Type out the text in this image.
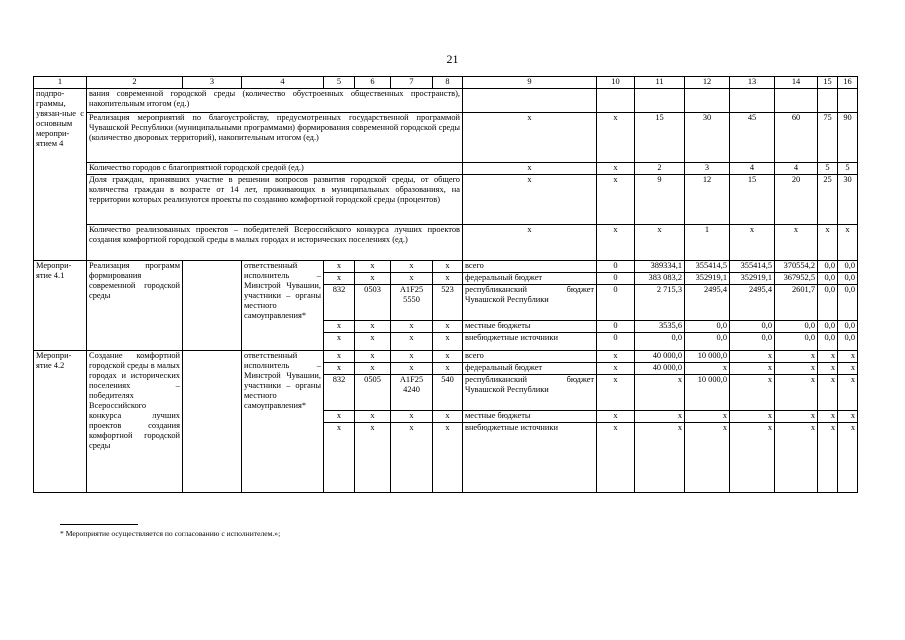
21
1	2	3	4	5	6	7	8	9	10	11	12	13	14	15	16
подпро-граммы, увязан-ные с основным меропри-ятием 4	вания современной городской среды (количество обустроенных общественных пространств), накопительным итогом (ед.)														
	Реализация мероприятий по благоустройству, предусмотренных государственной программой Чувашской Республики (муниципальными программами) формирования современной городской среды (количество дворовых территорий), накопительным итогом (ед.)							x	x	15	30	45	60	75	90
	Количество городов с благоприятной городской средой (ед.)							x	x	2	3	4	4	5	5
	Доля граждан, принявших участие в решении вопросов развития городской среды, от общего количества граждан в возрасте от 14 лет, проживающих в муниципальных образованиях, на территории которых реализуются проекты по созданию комфортной городской среды (процентов)							x	x	9	12	15	20	25	30
	Количество реализованных проектов – победителей Всероссийского конкурса лучших проектов создания комфортной городской среды в малых городах и исторических поселениях (ед.)							x	x	x	1	x	x	x	x
Меропри-ятие 4.1	Реализация программ формирования современной городской среды		ответственный исполнитель – Минстрой Чувашии, участники – органы местного самоуправления*	x	x	x	x	всего	0	389334,1	355414,5	355414,5	370554,2	0,0	0,0
				x	x	x	x	федеральный бюджет	0	383 083,2	352919,1	352919,1	367952,5	0,0	0,0
				832	0503	A1F25 5550	523	республиканский бюджет Чувашской Республики	0	2 715,3	2495,4	2495,4	2601,7	0,0	0,0
				x	x	x	x	местные бюджеты	0	3535,6	0,0	0,0	0,0	0,0	0,0
				x	x	x	x	внебюджетные источники	0	0,0	0,0	0,0	0,0	0,0	0,0
Меропри-ятие 4.2	Создание комфортной городской среды в малых городах и исторических поселениях – победителях Всероссийского конкурса лучших проектов создания комфортной городской среды		ответственный исполнитель – Минстрой Чувашии, участники – органы местного самоуправления*	x	x	x	x	всего	x	40 000,0	10 000,0	x	x	x	x
				x	x	x	x	федеральный бюджет	x	40 000,0	x	x	x	x	x
				832	0505	A1F25 4240	540	республиканский бюджет Чувашской Республики	x	x	10 000,0	x	x	x	x
				x	x	x	x	местные бюджеты	x	x	x	x	x	x	x
				x	x	x	x	внебюджетные источники	x	x	x	x	x	x	x
* Мероприятие осуществляется по согласованию с исполнителем.»;
